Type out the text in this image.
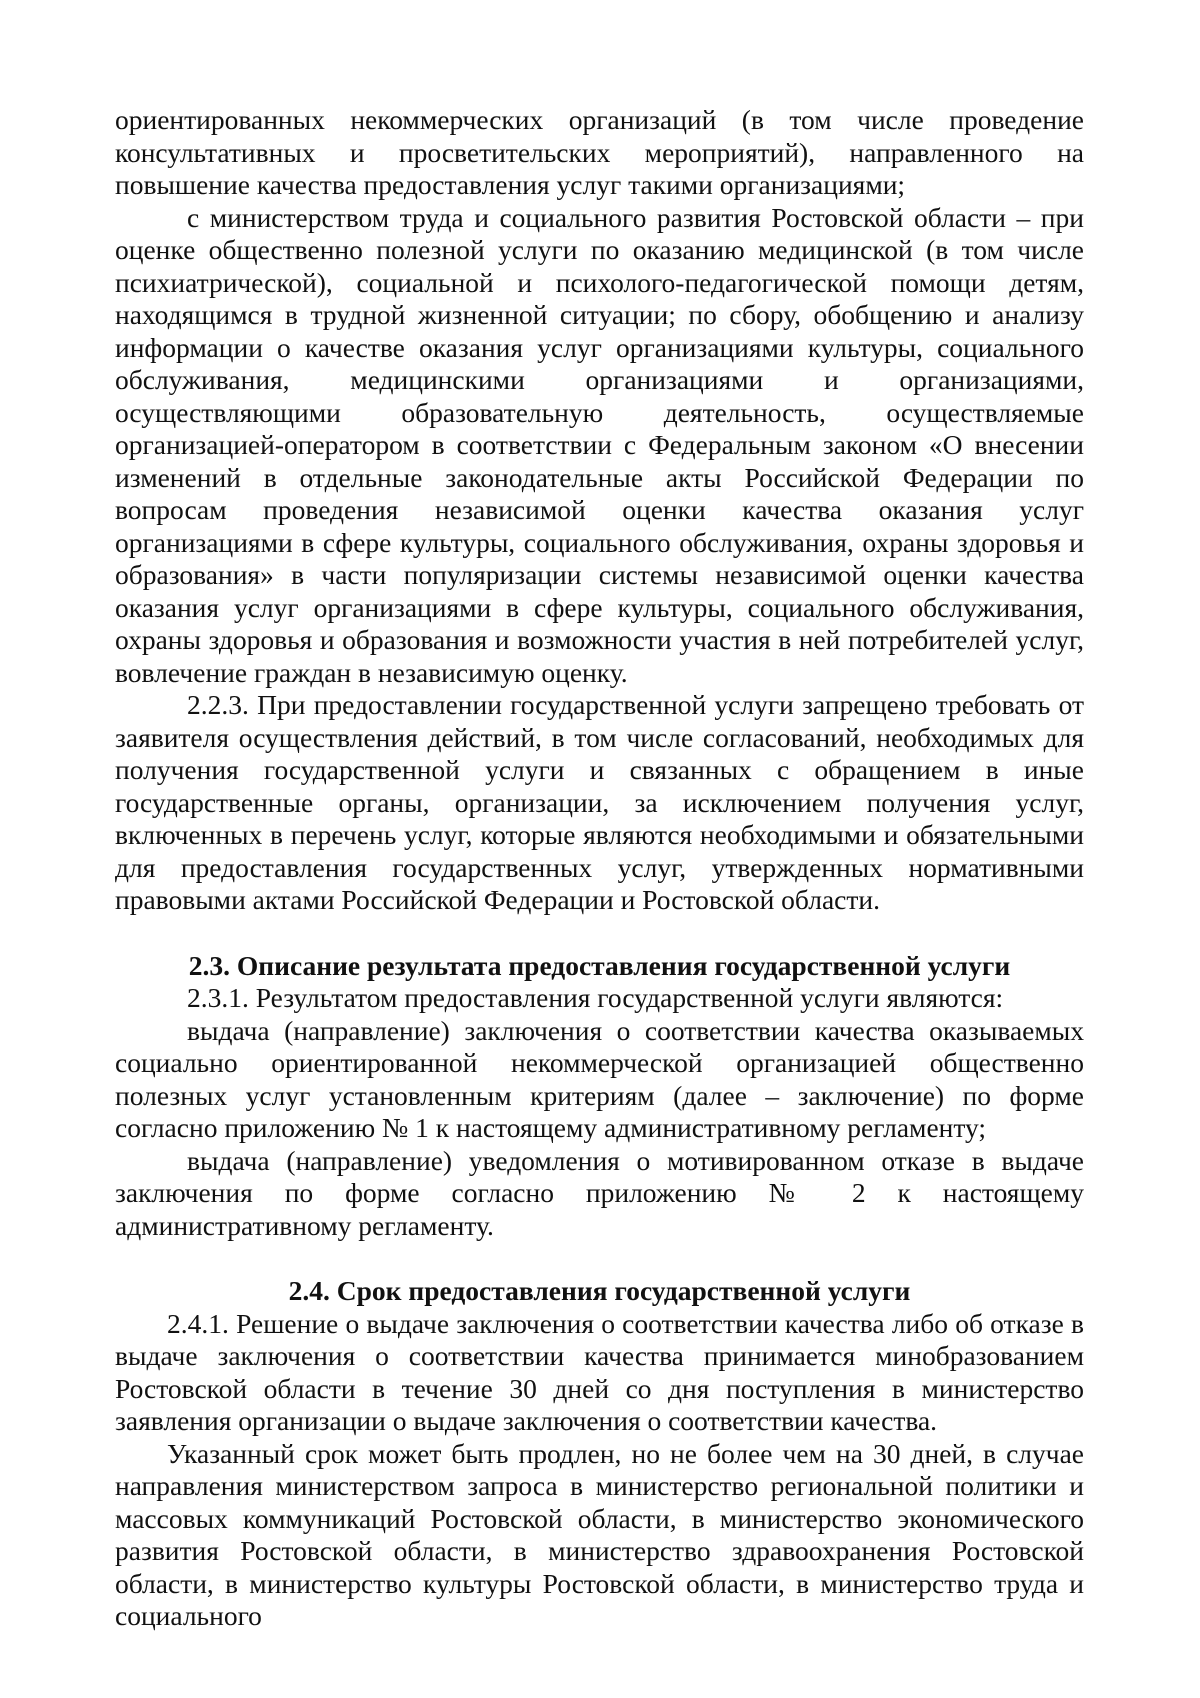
ориентированных некоммерческих организаций (в том числе проведение консультативных и просветительских мероприятий), направленного на повышение качества предоставления услуг такими организациями;

с министерством труда и социального развития Ростовской области – при оценке общественно полезной услуги по оказанию медицинской (в том числе психиатрической), социальной и психолого-педагогической помощи детям, находящимся в трудной жизненной ситуации; по сбору, обобщению и анализу информации о качестве оказания услуг организациями культуры, социального обслуживания, медицинскими организациями и организациями, осуществляющими образовательную деятельность, осуществляемые организацией-оператором в соответствии с Федеральным законом «О внесении изменений в отдельные законодательные акты Российской Федерации по вопросам проведения независимой оценки качества оказания услуг организациями в сфере культуры, социального обслуживания, охраны здоровья и образования» в части популяризации системы независимой оценки качества оказания услуг организациями в сфере культуры, социального обслуживания, охраны здоровья и образования и возможности участия в ней потребителей услуг, вовлечение граждан в независимую оценку.

2.2.3. При предоставлении государственной услуги запрещено требовать от заявителя осуществления действий, в том числе согласований, необходимых для получения государственной услуги и связанных с обращением в иные государственные органы, организации, за исключением получения услуг, включенных в перечень услуг, которые являются необходимыми и обязательными для предоставления государственных услуг, утвержденных нормативными правовыми актами Российской Федерации и Ростовской области.

2.3. Описание результата предоставления государственной услуги

2.3.1. Результатом предоставления государственной услуги являются:

выдача (направление) заключения о соответствии качества оказываемых социально ориентированной некоммерческой организацией общественно полезных услуг установленным критериям (далее – заключение) по форме согласно приложению № 1 к настоящему административному регламенту;

выдача (направление) уведомления о мотивированном отказе в выдаче заключения по форме согласно приложению № 2 к настоящему административному регламенту.

2.4. Срок предоставления государственной услуги

2.4.1. Решение о выдаче заключения о соответствии качества либо об отказе в выдаче заключения о соответствии качества принимается минобразованием Ростовской области в течение 30 дней со дня поступления в министерство заявления организации о выдаче заключения о соответствии качества.

Указанный срок может быть продлен, но не более чем на 30 дней, в случае направления министерством запроса в министерство региональной политики и массовых коммуникаций Ростовской области, в министерство экономического развития Ростовской области, в министерство здравоохранения Ростовской области, в министерство культуры Ростовской области, в министерство труда и социального
